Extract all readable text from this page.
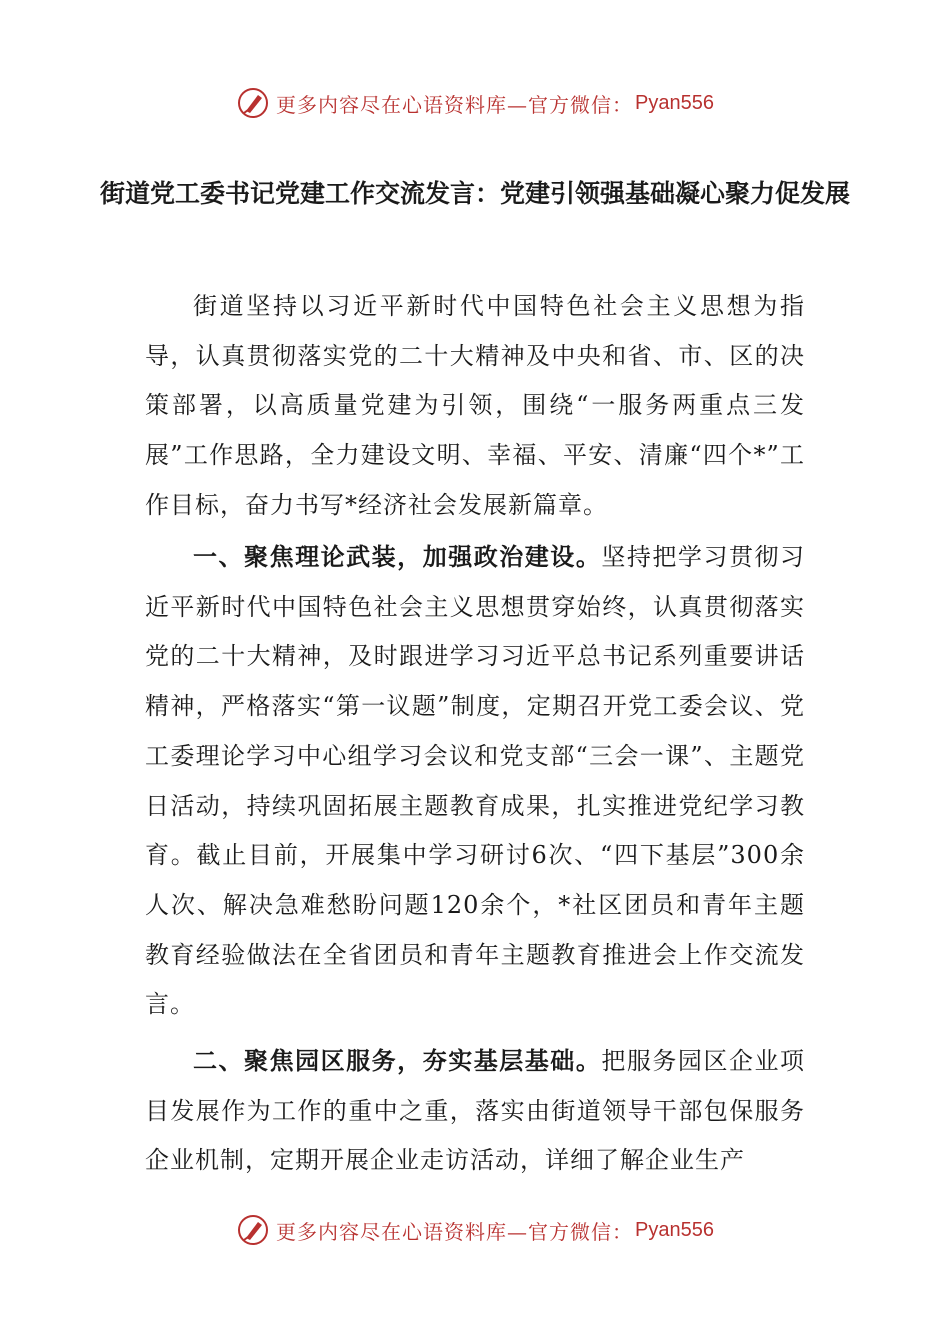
更多内容尽在心语资料库—官方微信： Pyan556
街道党工委书记党建工作交流发言：党建引领强基础凝心聚力促发展

街道坚持以习近平新时代中国特色社会主义思想为指导，认真贯彻落实党的二十大精神及中央和省、市、区的决策部署，以高质量党建为引领，围绕“一服务两重点三发展”工作思路，全力建设文明、幸福、平安、清廉“四个*”工作目标，奋力书写*经济社会发展新篇章。

一、聚焦理论武装，加强政治建设。坚持把学习贯彻习近平新时代中国特色社会主义思想贯穿始终，认真贯彻落实党的二十大精神，及时跟进学习习近平总书记系列重要讲话精神，严格落实“第一议题”制度，定期召开党工委会议、党工委理论学习中心组学习会议和党支部“三会一课”、主题党日活动，持续巩固拓展主题教育成果，扎实推进党纪学习教育。截止目前，开展集中学习研讨6次、“四下基层”300余人次、解决急难愁盼问题120余个，*社区团员和青年主题教育经验做法在全省团员和青年主题教育推进会上作交流发言。

二、聚焦园区服务，夯实基层基础。把服务园区企业项目发展作为工作的重中之重，落实由街道领导干部包保服务企业机制，定期开展企业走访活动，详细了解企业生产

更多内容尽在心语资料库—官方微信： Pyan556
